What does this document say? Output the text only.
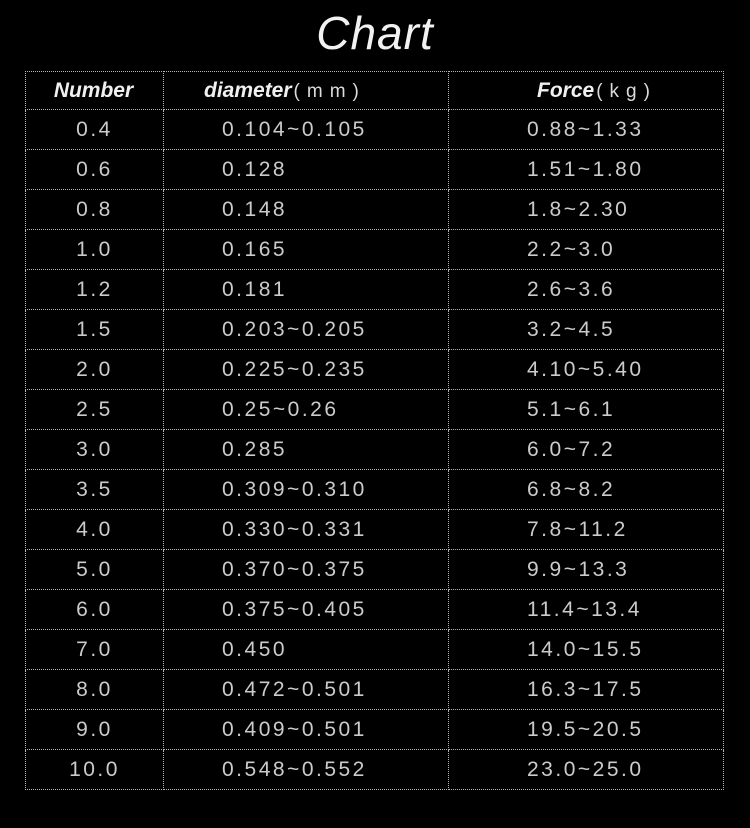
Chart
Number	diameter (mm)	Force (kg)
0.4	0.104~0.105	0.88~1.33
0.6	0.128	1.51~1.80
0.8	0.148	1.8~2.30
1.0	0.165	2.2~3.0
1.2	0.181	2.6~3.6
1.5	0.203~0.205	3.2~4.5
2.0	0.225~0.235	4.10~5.40
2.5	0.25~0.26	5.1~6.1
3.0	0.285	6.0~7.2
3.5	0.309~0.310	6.8~8.2
4.0	0.330~0.331	7.8~11.2
5.0	0.370~0.375	9.9~13.3
6.0	0.375~0.405	11.4~13.4
7.0	0.450	14.0~15.5
8.0	0.472~0.501	16.3~17.5
9.0	0.409~0.501	19.5~20.5
10.0	0.548~0.552	23.0~25.0
